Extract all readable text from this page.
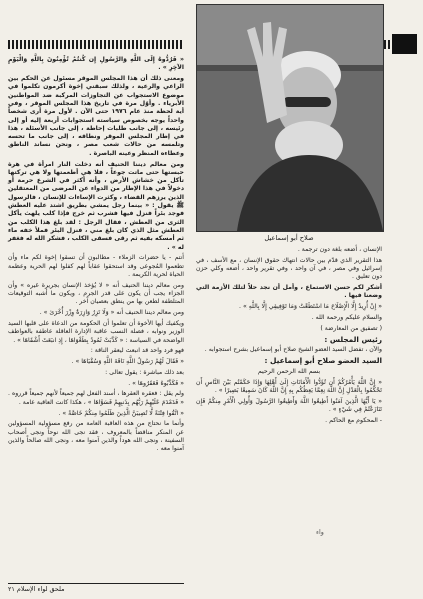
« فَرُدُّوهُ إِلَى اللَّهِ وَالرَّسُولِ إِن كُنتُمْ تُؤْمِنُونَ بِاللَّهِ وَالْيَوْمِ الآخِرِ » .

ومعنى ذلك أن هذا المجلس الموقر مسئول عن الحكم بين الراعي والرعية ، ولذلك سبقني إخوة أكرمون تكلموا في موضوع الاستجواب عن التجاوزات المركبة ضد المواطنين الأبرياء . وأوّل مرة في تاريخ هذا المجلس الموقر ، وفي أية لحظة منذ عام ١٩٧٦ حتى الآن . لأول مرة أرى شخصاً واحداً يوجه بخصوص سياسته استجوابات أربعة إليه أو إلى رئيسه ، إلى جانب طلبات إحاطة ، إلى جانب الأسئلة ، هذا في إطار المجلس الموقر ونطاقه ، إلى جانب ما تحسه وتلمسه من حالات شعب مصر ، ونحن نساند الناطق وعطاءه المنظر وعينه الباصرة .

ومن معالم ديننا الحنيف أنه دخلت النار امرأة في هرة حبستها حتى ماتت جوعاً ، فلا هي أطعمتها ولا هي تركتها تأكل من خشاش الأرض ، وأنه أكثر في الشرع حرمة أو دخولاً في هذا الإطار من الدواء عن المرضى من المعتقلين الذين يرزهم القضاء ، وكثرت الإساءات للإنسان ، فالرسول ﷺ يقول : « بينما رجل يمشي بطريق اشتد عليه العطش فوجد بئراً فنزل فيها فشرب ثم خرج فإذا كلب يلهث يأكل الثرى من العطش ، فقال الرجل : لقد بلغ هذا الكلب من العطش مثل الذي كان بلغ مني ، فنزل البئر فملأ خفه ماء ثم أمسكه بفيه ثم رقى فسقى الكلب ، فشكر الله له فغفر له » .

أنتم - يا حضرات الزملاء - مطالبون أن تسقوا إخوة لكم ماء وأن تطعموا المُجوعى وقد استحقوا عقاباً لهم كفلوا لهم الحرية وعظمة الحياة لحرية الكريمة .

ومن معالم ديننا الحنيف أنه « لا يُؤخذ الإنسان بجريرة غيره » وأن الجزاء يجب أن يكون على قدر الجرم ، ويكون ما أشبه التوقيعات المتلطفة لطعن بها من ينطق بعصيان آخر .

ومن معالم ديننا الحنيف أنه « وَلَا تَزِرُ وَازِرَةٌ وِزْرَ أُخْرَىٰ » .

ويكفيك أيها الأخوة أن تعلموا أن الحكومة من الدعاة على قلبها السيد الوزير ونوابه ، فصلة النسب عاقبة الإدارة العاقلة عاطفة بالعواطف الواضحة في السياسة : « كَذَّبَتْ ثَمُودُ بِطَغْوَاهَا ، إِذِ انبَعَثَ أَشْقَاهَا » .

فهو فرد واحد قد انبعث ليعقر الناقة :

« فَقَالَ لَهُمْ رَسُولُ اللَّهِ نَاقَةَ اللَّهِ وَسُقْيَاهَا » .

بعد ذلك مباشرة : يقول تعالى :

« فَكَذَّبُوهُ فَعَقَرُوهَا » .

ولم يقل : فعقره العقرها ، أسند الفعل لهم جميعاً لأنهم جميعاً قرروه . « فَدَمْدَمَ عَلَيْهِمْ رَبُّهُم بِذَنبِهِمْ فَسَوَّاهَا » ، هكذا كانت العاقبة عامة .

« اتَّقُوا فِتْنَةً لَّا تُصِيبَنَّ الَّذِينَ ظَلَمُوا مِنكُمْ خَاصَّةً » .

وأنما ما نحتاج من هذه العاقبة العامة من رفع مسؤولية المسؤولين عن المنكر مناقضاً بالمعروف ، فقد نجى الله نوحاً ونجى أصحاب السفينة ، ونجى الله هوداً والذين آمنوا معه ، ونجى الله صالحاً والذين آمنوا معه .

صلاح أبو إسماعيل

الإنسان ، أضعه بلغة دون ترجمة .

هذا التقرير الذي قدّم بين حالات انتهاك حقوق الإنسان ، مع الأسف ، في إسرائيل وفي مصر ، في آن واحد ، وفي تقرير واحد ، أضعه وكلي حزن دون تعليق .

أشكر لكم حسن الاستماع ، وأمل أن نجد حلاً لتلك الأزمة التي وضعنا فيها .

« إِنْ أُرِيدُ إِلَّا الْإِصْلَاحَ مَا اسْتَطَعْتُ وَمَا تَوْفِيقِي إِلَّا بِاللَّهِ » .

والسلام عليكم ورحمة الله .

( تصفيق من المعارضة )

رئيس المجلس :

والآن ، تفضل السيد العضو الشيخ صلاح أبو إسماعيل بشرح استجوابه .

السيد العضو صلاح أبو إسماعيل :

بسم الله الرحمن الرحيم

« إِنَّ اللَّهَ يَأْمُرُكُمْ أَن تُؤَدُّوا الْأَمَانَاتِ إِلَىٰ أَهْلِهَا وَإِذَا حَكَمْتُم بَيْنَ النَّاسِ أَن تَحْكُمُوا بِالْعَدْلِ إِنَّ اللَّهَ نِعِمَّا يَعِظُكُم بِهِ إِنَّ اللَّهَ كَانَ سَمِيعًا بَصِيرًا » .

« يَا أَيُّهَا الَّذِينَ آمَنُوا أَطِيعُوا اللَّهَ وَأَطِيعُوا الرَّسُولَ وَأُولِي الْأَمْرِ مِنكُمْ فَإِن تَنَازَعْتُمْ فِي شَيْءٍ » .

- المحكوم مع الحاكم .

واء
ملحق لواء الإسلام ٢١
